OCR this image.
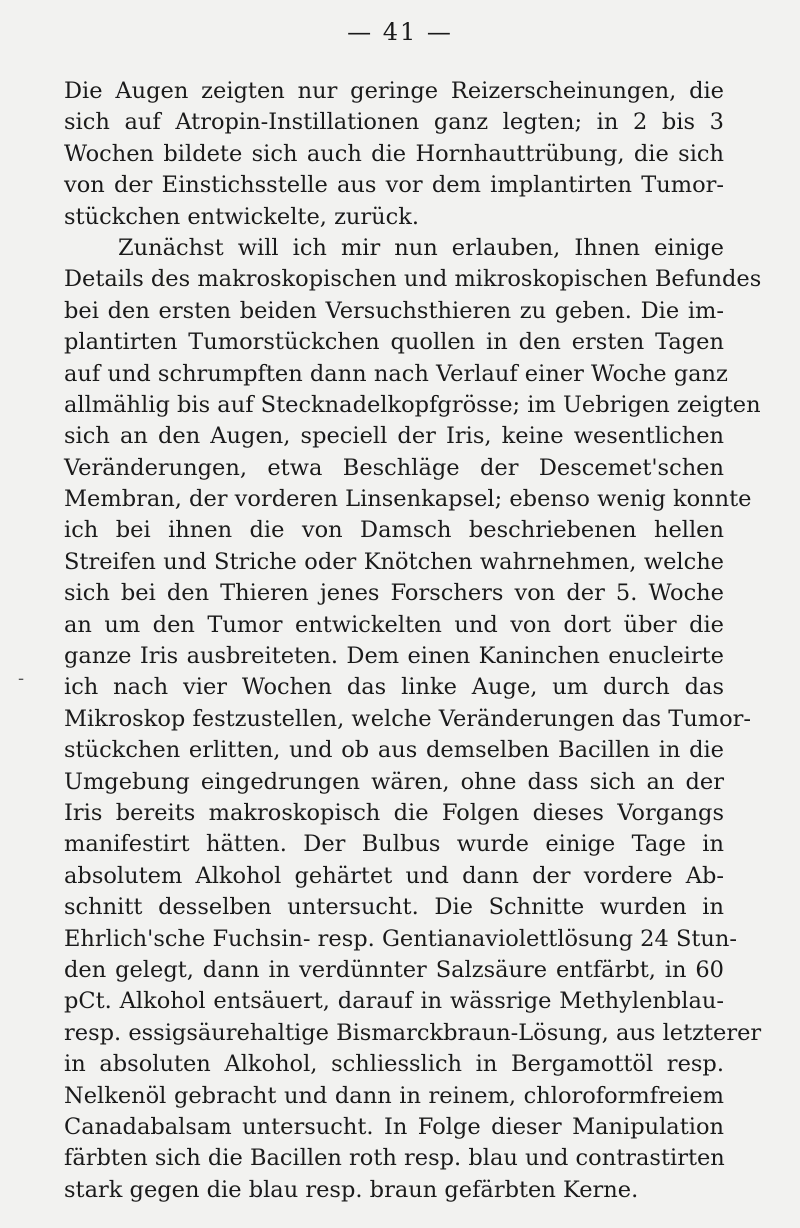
— 41 —
-
Die Augen zeigten nur geringe Reizerscheinungen, die
sich auf Atropin-Instillationen ganz legten; in 2 bis 3
Wochen bildete sich auch die Hornhauttrübung, die sich
von der Einstichsstelle aus vor dem implantirten Tumor-
stückchen entwickelte, zurück.
Zunächst will ich mir nun erlauben, Ihnen einige
Details des makroskopischen und mikroskopischen Befundes
bei den ersten beiden Versuchsthieren zu geben. Die im-
plantirten Tumorstückchen quollen in den ersten Tagen
auf und schrumpften dann nach Verlauf einer Woche ganz
allmählig bis auf Stecknadelkopfgrösse; im Uebrigen zeigten
sich an den Augen, speciell der Iris, keine wesentlichen
Veränderungen, etwa Beschläge der Descemet'schen
Membran, der vorderen Linsenkapsel; ebenso wenig konnte
ich bei ihnen die von Damsch beschriebenen hellen
Streifen und Striche oder Knötchen wahrnehmen, welche
sich bei den Thieren jenes Forschers von der 5. Woche
an um den Tumor entwickelten und von dort über die
ganze Iris ausbreiteten. Dem einen Kaninchen enucleirte
ich nach vier Wochen das linke Auge, um durch das
Mikroskop festzustellen, welche Veränderungen das Tumor-
stückchen erlitten, und ob aus demselben Bacillen in die
Umgebung eingedrungen wären, ohne dass sich an der
Iris bereits makroskopisch die Folgen dieses Vorgangs
manifestirt hätten. Der Bulbus wurde einige Tage in
absolutem Alkohol gehärtet und dann der vordere Ab-
schnitt desselben untersucht. Die Schnitte wurden in
Ehrlich'sche Fuchsin- resp. Gentianaviolettlösung 24 Stun-
den gelegt, dann in verdünnter Salzsäure entfärbt, in 60
pCt. Alkohol entsäuert, darauf in wässrige Methylenblau-
resp. essigsäurehaltige Bismarckbraun-Lösung, aus letzterer
in absoluten Alkohol, schliesslich in Bergamottöl resp.
Nelkenöl gebracht und dann in reinem, chloroformfreiem
Canadabalsam untersucht. In Folge dieser Manipulation
färbten sich die Bacillen roth resp. blau und contrastirten
stark gegen die blau resp. braun gefärbten Kerne.
